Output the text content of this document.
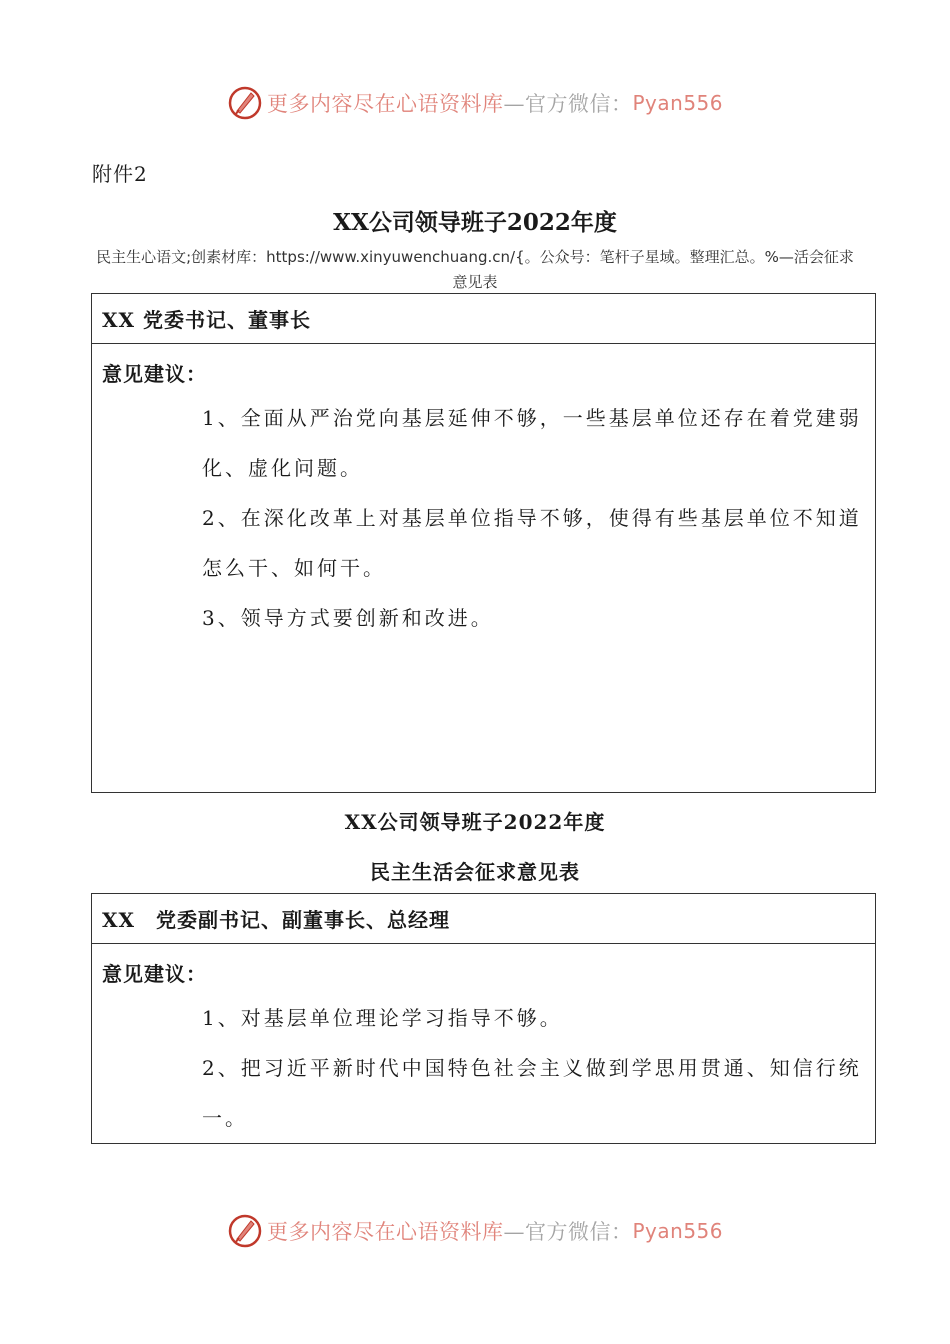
更多内容尽在心语资料库 —官方微信： Pyan556
附件2
XX公司领导班子2022年度
民主生心语文;创素材库：https://www.xinyuwenchuang.cn/{。公众号：笔杆子星域。整理汇总。%—活会征求意见表
XX 党委书记、董事长
意见建议：

1、全面从严治党向基层延伸不够，一些基层单位还存在着党建弱化、虚化问题。

2、在深化改革上对基层单位指导不够，使得有些基层单位不知道怎么干、如何干。

3、领导方式要创新和改进。

XX公司领导班子2022年度
民主生活会征求意见表
XX　党委副书记、副董事长、总经理
意见建议：

1、对基层单位理论学习指导不够。

2、把习近平新时代中国特色社会主义做到学思用贯通、知信行统一。

更多内容尽在心语资料库 —官方微信： Pyan556
